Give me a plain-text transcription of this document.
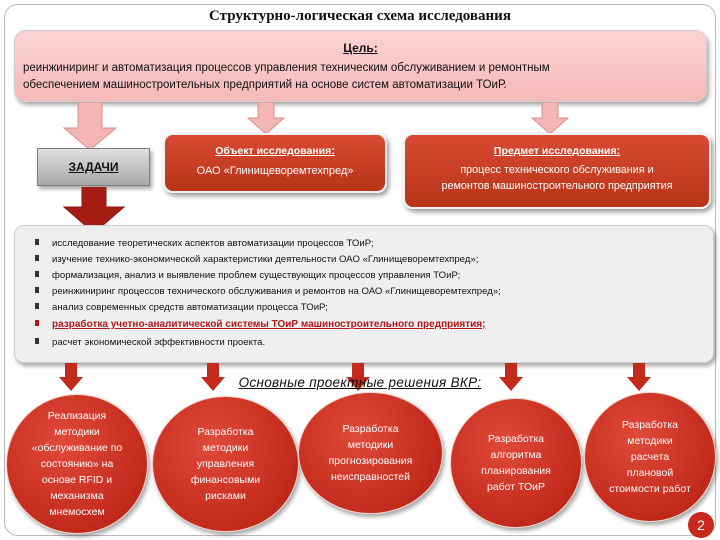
Структурно-логическая схема исследования
Цель:
реинжиниринг и автоматизация процессов управления техническим обслуживанием и ремонтным
обеспечением машиностроительных предприятий на основе систем автоматизации ТОиР.
ЗАДАЧИ
Объект исследования:
ОАО «Глинищеворемтехпред»
Предмет исследования:
процесс технического обслуживания и
ремонтов машиностроительного предприятия
исследование теоретических аспектов автоматизации процессов ТОиР;
изучение технико-экономической характеристики деятельности ОАО «Глинищеворемтехпред»;
формализация, анализ и выявление проблем существующих процессов управления ТОиР;
реинжиниринг процессов технического обслуживания и ремонтов на ОАО «Глинищеворемтехпред»;
анализ современных средств автоматизации процесса ТОиР;
разработка учетно-аналитической системы ТОиР машиностроительного предприятия;
расчет экономической эффективности проекта.
Основные проектные решения ВКР:
Реализация методики «обслуживание по состоянию» на основе RFID и механизма мнемосхем
Разработка методики управления финансовыми рисками
Разработка методики прогнозирования неисправностей
Разработка алгоритма планирования работ ТОиР
Разработка методики расчета плановой стоимости работ
2
